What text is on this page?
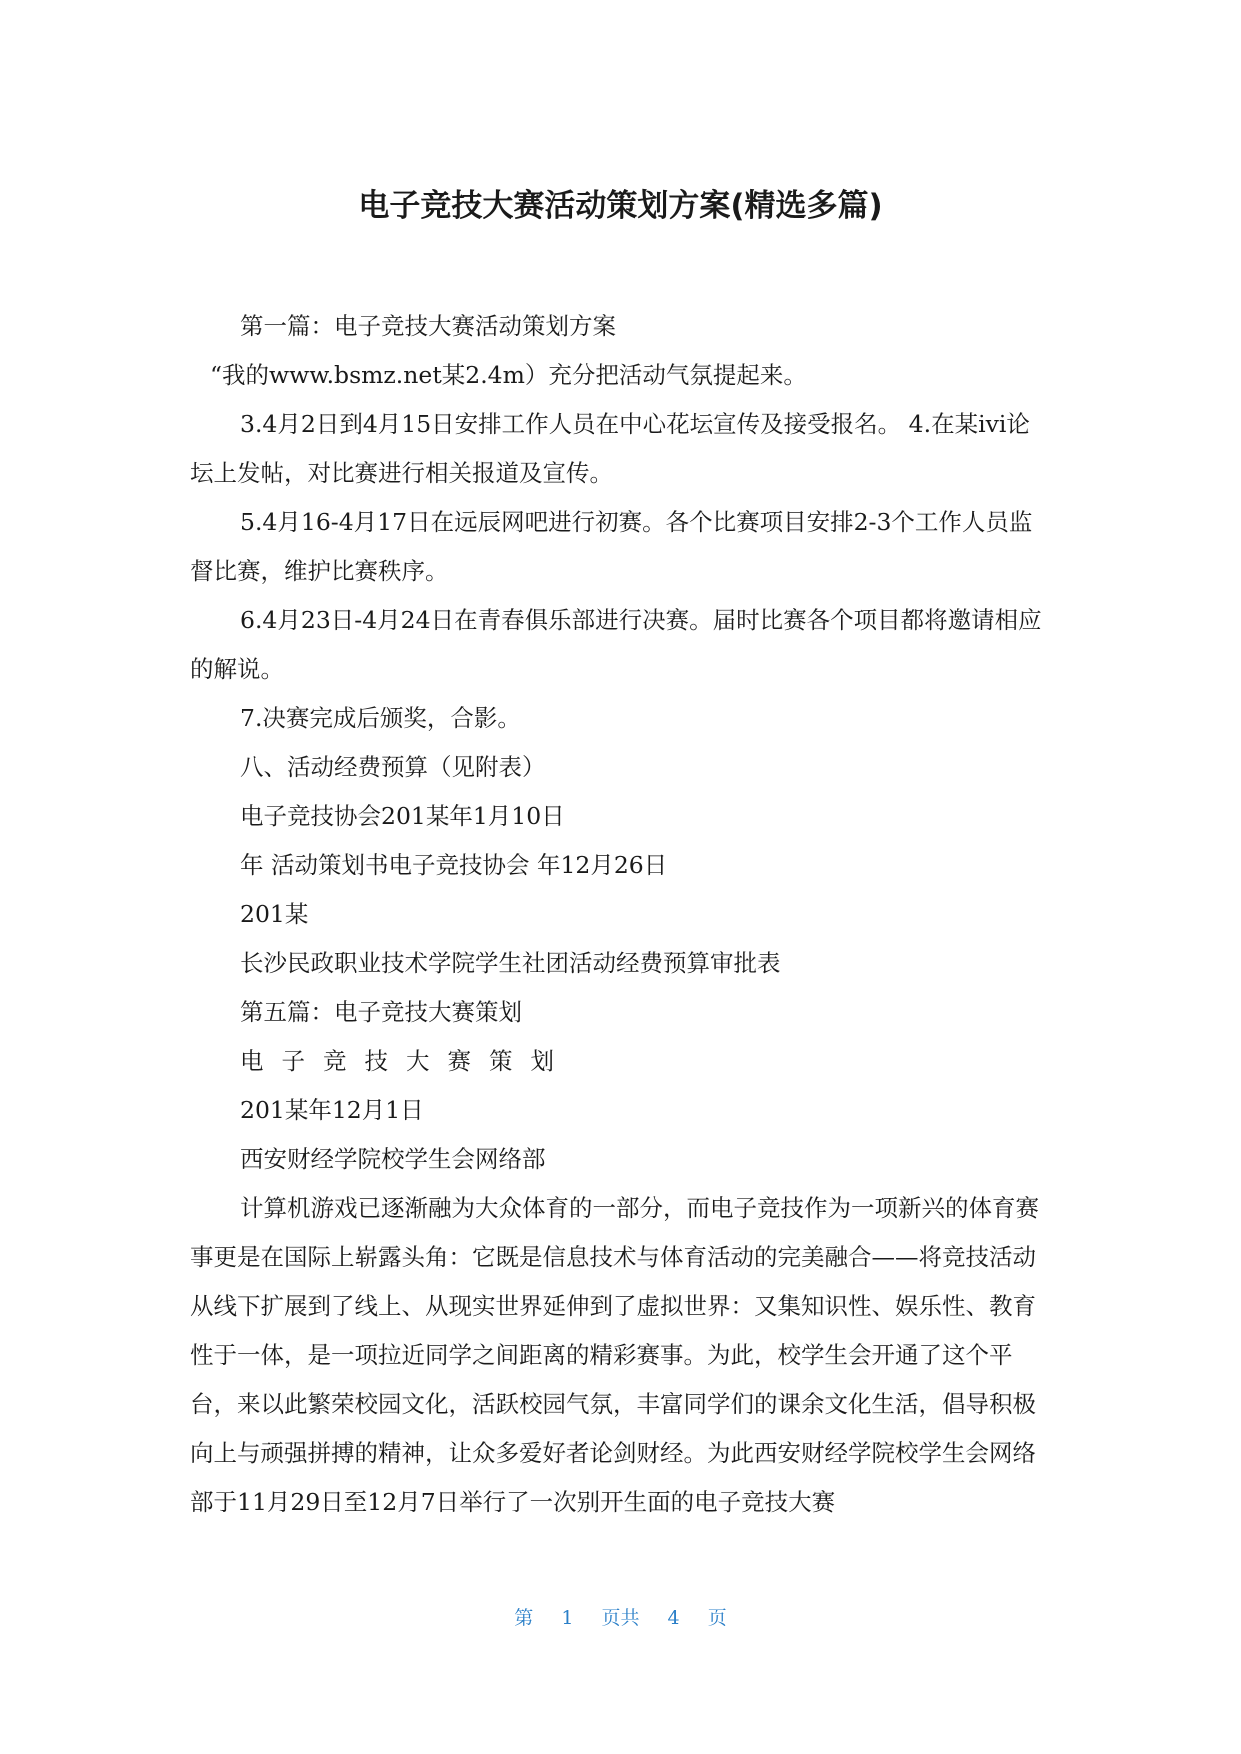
电子竞技大赛活动策划方案(精选多篇)

第一篇：电子竞技大赛活动策划方案

“我的www.bsmz.net某2.4m）充分把活动气氛提起来。

3.4月2日到4月15日安排工作人员在中心花坛宣传及接受报名。 4.在某ivi论坛上发帖，对比赛进行相关报道及宣传。

5.4月16-4月17日在远辰网吧进行初赛。各个比赛项目安排2-3个工作人员监督比赛，维护比赛秩序。

6.4月23日-4月24日在青春俱乐部进行决赛。届时比赛各个项目都将邀请相应的解说。

7.决赛完成后颁奖，合影。

八、活动经费预算（见附表）

电子竞技协会201某年1月10日

年 活动策划书电子竞技协会 年12月26日

201某

长沙民政职业技术学院学生社团活动经费预算审批表

第五篇：电子竞技大赛策划

电子竞技大赛策划

201某年12月1日

西安财经学院校学生会网络部

计算机游戏已逐渐融为大众体育的一部分，而电子竞技作为一项新兴的体育赛事更是在国际上崭露头角：它既是信息技术与体育活动的完美融合——将竞技活动从线下扩展到了线上、从现实世界延伸到了虚拟世界：又集知识性、娱乐性、教育性于一体，是一项拉近同学之间距离的精彩赛事。为此，校学生会开通了这个平台，来以此繁荣校园文化，活跃校园气氛，丰富同学们的课余文化生活，倡导积极向上与顽强拼搏的精神，让众多爱好者论剑财经。为此西安财经学院校学生会网络部于11月29日至12月7日举行了一次别开生面的电子竞技大赛

第 1 页共 4 页
